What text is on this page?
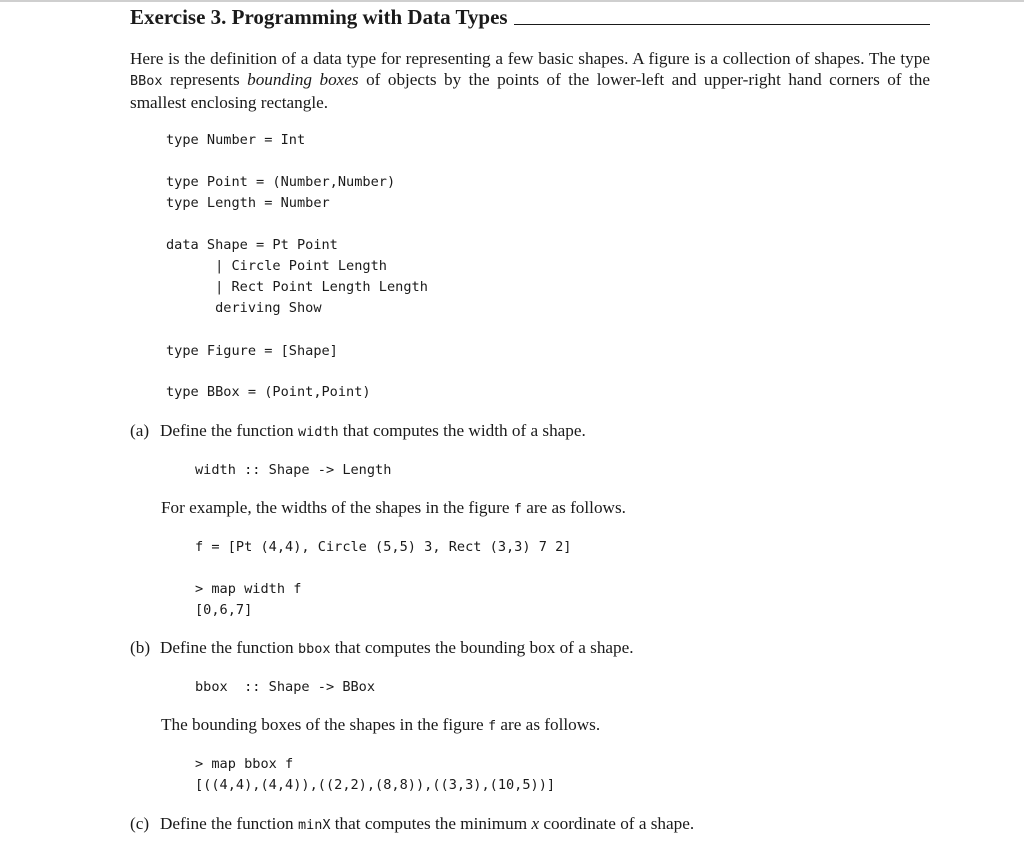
Exercise 3. Programming with Data Types

Here is the definition of a data type for representing a few basic shapes. A figure is a collection of shapes. The type BBox represents bounding boxes of objects by the points of the lower-left and upper-right hand corners of the smallest enclosing rectangle.

type Number = Int
type Point = (Number,Number)
type Length = Number
data Shape = Pt Point
| Circle Point Length
| Rect Point Length Length
deriving Show
type Figure = [Shape]
type BBox = (Point,Point)
(a) Define the function width that computes the width of a shape.
width :: Shape -> Length
For example, the widths of the shapes in the figure f are as follows.
f = [Pt (4,4), Circle (5,5) 3, Rect (3,3) 7 2]
> map width f
[0,6,7]
(b) Define the function bbox that computes the bounding box of a shape.
bbox  :: Shape -> BBox
The bounding boxes of the shapes in the figure f are as follows.
> map bbox f
[((4,4),(4,4)),((2,2),(8,8)),((3,3),(10,5))]
(c) Define the function minX that computes the minimum x coordinate of a shape.
